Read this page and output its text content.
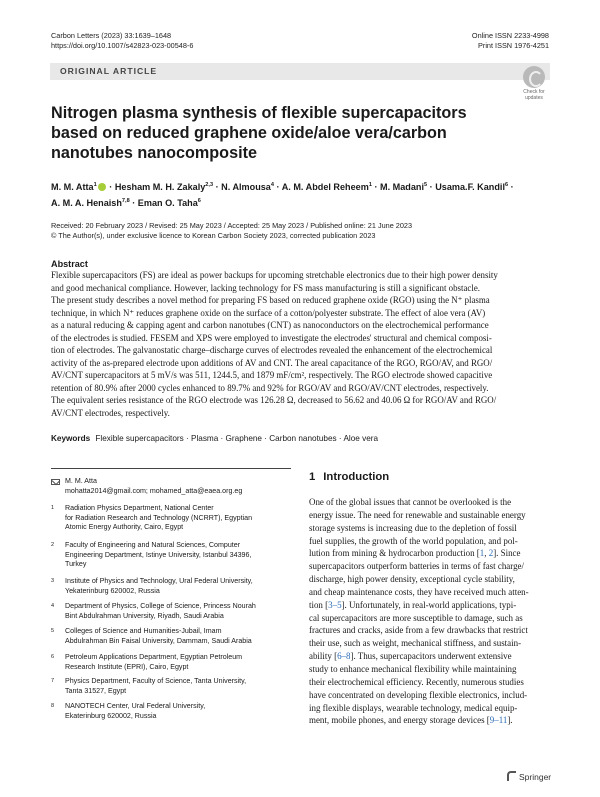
Carbon Letters (2023) 33:1639–1648
https://doi.org/10.1007/s42823-023-00548-6
Online ISSN 2233-4998
Print ISSN 1976-4251
ORIGINAL ARTICLE
Check for
updates
Nitrogen plasma synthesis of flexible supercapacitors based on reduced graphene oxide/aloe vera/carbon nanotubes nanocomposite
M. M. Atta$^1$ · Hesham M. H. Zakaly$^{2,3}$ · N. Almousa$^4$ · A. M. Abdel Reheem$^1$ · M. Madani$^5$ · Usama.F. Kandil$^6$ ·
A. M. A. Henaish$^{7,8}$ · Eman O. Taha$^6$
Received: 20 February 2023 / Revised: 25 May 2023 / Accepted: 25 May 2023 / Published online: 21 June 2023
© The Author(s), under exclusive licence to Korean Carbon Society 2023, corrected publication 2023
Abstract
Flexible supercapacitors (FS) are ideal as power backups for upcoming stretchable electronics due to their high power density
and good mechanical compliance. However, lacking technology for FS mass manufacturing is still a significant obstacle.
The present study describes a novel method for preparing FS based on reduced graphene oxide (RGO) using the N⁺ plasma
technique, in which N⁺ reduces graphene oxide on the surface of a cotton/polyester substrate. The effect of aloe vera (AV)
as a natural reducing & capping agent and carbon nanotubes (CNT) as nanoconductors on the electrochemical performance
of the electrodes is studied. FESEM and XPS were employed to investigate the electrodes' structural and chemical composi-
tion of electrodes. The galvanostatic charge–discharge curves of electrodes revealed the enhancement of the electrochemical
activity of the as-prepared electrode upon additions of AV and CNT. The areal capacitance of the RGO, RGO/AV, and RGO/
AV/CNT supercapacitors at 5 mV/s was 511, 1244.5, and 1879 mF/cm², respectively. The RGO electrode showed capacitive
retention of 80.9% after 2000 cycles enhanced to 89.7% and 92% for RGO/AV and RGO/AV/CNT electrodes, respectively.
The equivalent series resistance of the RGO electrode was 126.28 Ω, decreased to 56.62 and 40.06 Ω for RGO/AV and RGO/
AV/CNT electrodes, respectively.
Keywords Flexible supercapacitors · Plasma · Graphene · Carbon nanotubes · Aloe vera
M. M. Atta
mohatta2014@gmail.com; mohamed_atta@eaea.org.eg
1	Radiation Physics Department, National Center
for Radiation Research and Technology (NCRRT), Egyptian
Atomic Energy Authority, Cairo, Egypt
2	Faculty of Engineering and Natural Sciences, Computer
Engineering Department, Istinye University, Istanbul 34396,
Turkey
3	Institute of Physics and Technology, Ural Federal University,
Yekaterinburg 620002, Russia
4	Department of Physics, College of Science, Princess Nourah
Bint Abdulrahman University, Riyadh, Saudi Arabia
5	Colleges of Science and Humanities-Jubail, Imam
Abdulrahman Bin Faisal University, Dammam, Saudi Arabia
6	Petroleum Applications Department, Egyptian Petroleum
Research Institute (EPRI), Cairo, Egypt
7	Physics Department, Faculty of Science, Tanta University,
Tanta 31527, Egypt
8	NANOTECH Center, Ural Federal University,
Ekaterinburg 620002, Russia
1 Introduction
One of the global issues that cannot be overlooked is the
energy issue. The need for renewable and sustainable energy
storage systems is increasing due to the depletion of fossil
fuel supplies, the growth of the world population, and pol-
lution from mining & hydrocarbon production [1, 2]. Since
supercapacitors outperform batteries in terms of fast charge/
discharge, high power density, exceptional cycle stability,
and cheap maintenance costs, they have received much atten-
tion [3–5]. Unfortunately, in real-world applications, typi-
cal supercapacitors are more susceptible to damage, such as
fractures and cracks, aside from a few drawbacks that restrict
their use, such as weight, mechanical stiffness, and sustain-
ability [6–8]. Thus, supercapacitors underwent extensive
study to enhance mechanical flexibility while maintaining
their electrochemical efficiency. Recently, numerous studies
have concentrated on developing flexible electronics, includ-
ing flexible displays, wearable technology, medical equip-
ment, mobile phones, and energy storage devices [9–11].
Springer
